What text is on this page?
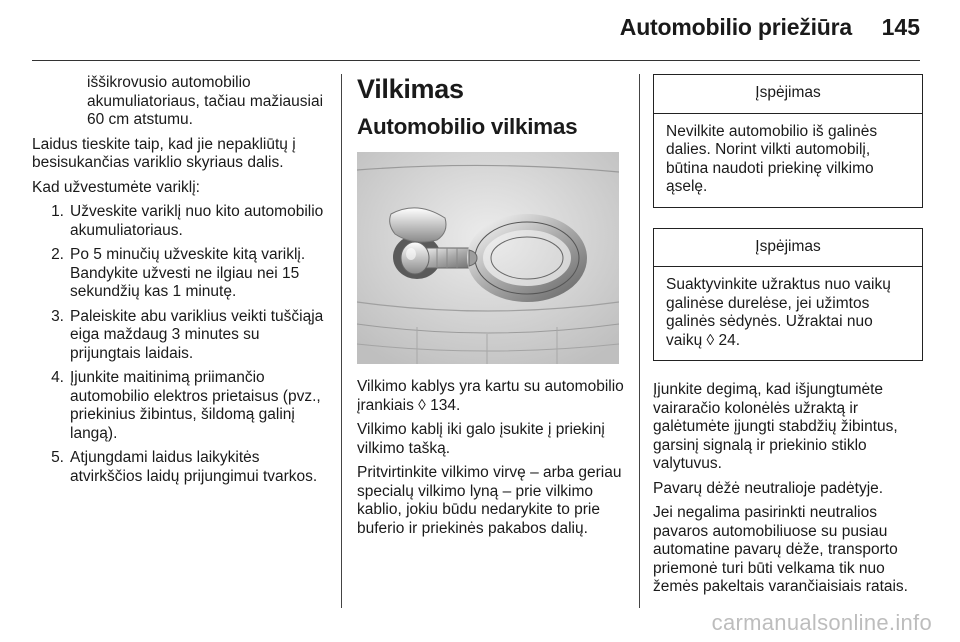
Automobilio priežiūra 145

iššikrovusio automobilio akumuliatoriaus, tačiau mažiausiai 60 cm atstumu.

Laidus tieskite taip, kad jie nepakliūtų į besisukančias variklio skyriaus dalis.

Kad užvestumėte variklį:

1. Užveskite variklį nuo kito automobilio akumuliatoriaus.
2. Po 5 minučių užveskite kitą variklį. Bandykite užvesti ne ilgiau nei 15 sekundžių kas 1 minutę.
3. Paleiskite abu variklius veikti tuščiąja eiga maždaug 3 minutes su prijungtais laidais.
4. Įjunkite maitinimą priimančio automobilio elektros prietaisus (pvz., priekinius žibintus, šildomą galinį langą).
5. Atjungdami laidus laikykitės atvirkščios laidų prijungimui tvarkos.
Vilkimas
Automobilio vilkimas

Vilkimo kablys yra kartu su automobilio įrankiais ◊ 134.

Vilkimo kablį iki galo įsukite į priekinį vilkimo tašką.

Pritvirtinkite vilkimo virvę – arba geriau specialų vilkimo lyną – prie vilkimo kablio, jokiu būdu nedarykite to prie buferio ir priekinės pakabos dalių.

Įspėjimas
Nevilkite automobilio iš galinės dalies. Norint vilkti automobilį, būtina naudoti priekinę vilkimo ąselę.
Įspėjimas
Suaktyvinkite užraktus nuo vaikų galinėse durelėse, jei užimtos galinės sėdynės. Užraktai nuo vaikų ◊ 24.

Įjunkite degimą, kad išjungtumėte vairaračio kolonėlės užraktą ir galėtumėte įjungti stabdžių žibintus, garsinį signalą ir priekinio stiklo valytuvus.

Pavarų dėžė neutralioje padėtyje.

Jei negalima pasirinkti neutralios pavaros automobiliuose su pusiau automatine pavarų dėže, transporto priemonė turi būti velkama tik nuo žemės pakeltais varančiaisiais ratais.

carmanualsonline.info
